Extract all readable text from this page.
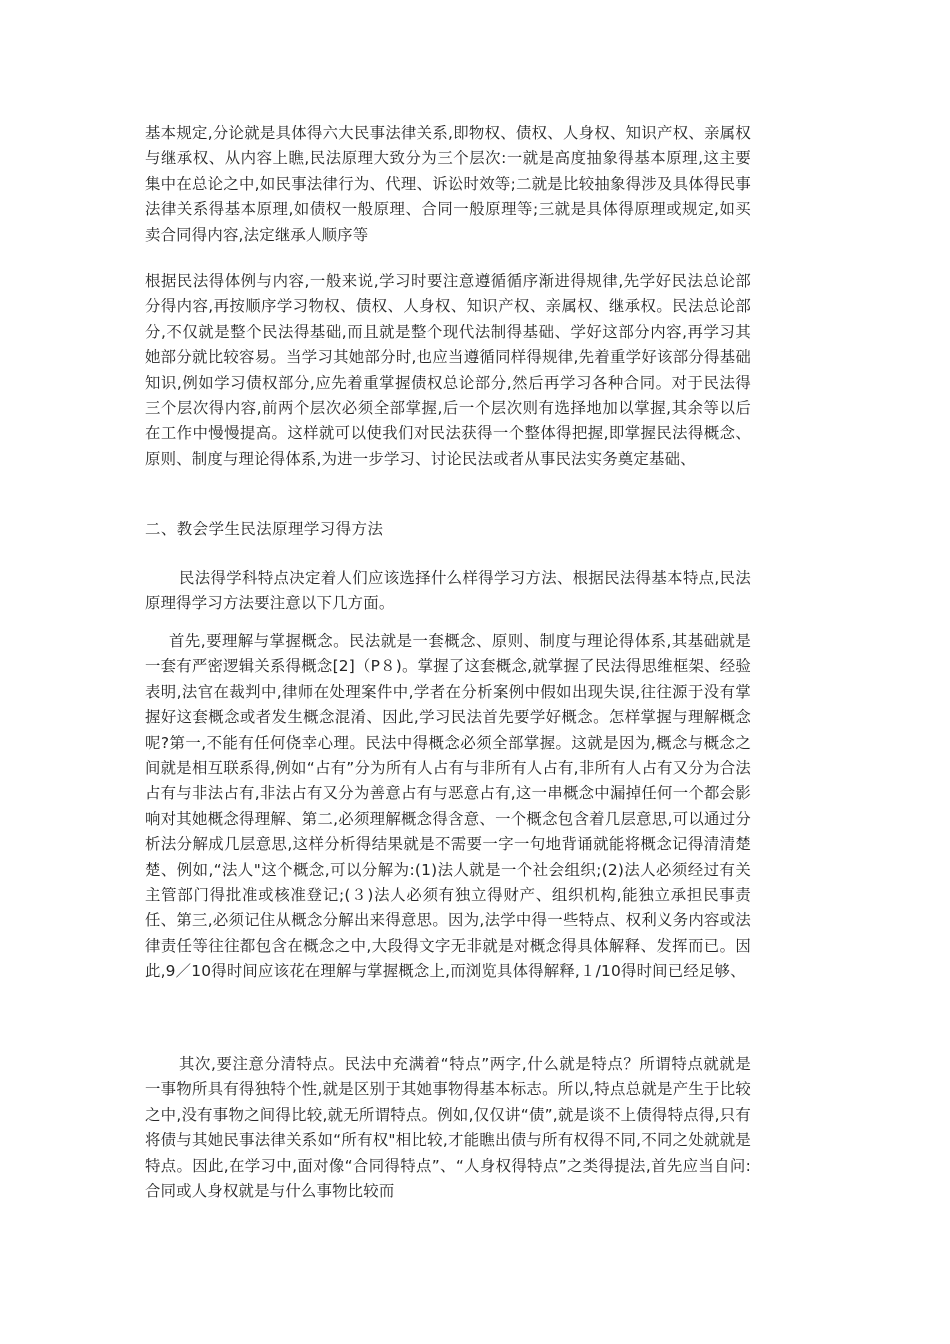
基本规定,分论就是具体得六大民事法律关系,即物权、债权、人身权、知识产权、亲属权与继承权、从内容上瞧,民法原理大致分为三个层次:一就是高度抽象得基本原理,这主要集中在总论之中,如民事法律行为、代理、诉讼时效等;二就是比较抽象得涉及具体得民事法律关系得基本原理,如债权一般原理、合同一般原理等;三就是具体得原理或规定,如买卖合同得内容,法定继承人顺序等

根据民法得体例与内容,一般来说,学习时要注意遵循循序渐进得规律,先学好民法总论部分得内容,再按顺序学习物权、债权、人身权、知识产权、亲属权、继承权。民法总论部分,不仅就是整个民法得基础,而且就是整个现代法制得基础、学好这部分内容,再学习其她部分就比较容易。当学习其她部分时,也应当遵循同样得规律,先着重学好该部分得基础知识,例如学习债权部分,应先着重掌握债权总论部分,然后再学习各种合同。对于民法得三个层次得内容,前两个层次必须全部掌握,后一个层次则有选择地加以掌握,其余等以后在工作中慢慢提高。这样就可以使我们对民法获得一个整体得把握,即掌握民法得概念、原则、制度与理论得体系,为进一步学习、讨论民法或者从事民法实务奠定基础、

二、教会学生民法原理学习得方法

民法得学科特点决定着人们应该选择什么样得学习方法、根据民法得基本特点,民法原理得学习方法要注意以下几方面。

首先,要理解与掌握概念。民法就是一套概念、原则、制度与理论得体系,其基础就是一套有严密逻辑关系得概念[2]（P８)。掌握了这套概念,就掌握了民法得思维框架、经验表明,法官在裁判中,律师在处理案件中,学者在分析案例中假如出现失误,往往源于没有掌握好这套概念或者发生概念混淆、因此,学习民法首先要学好概念。怎样掌握与理解概念呢?第一,不能有任何侥幸心理。民法中得概念必须全部掌握。这就是因为,概念与概念之间就是相互联系得,例如“占有”分为所有人占有与非所有人占有,非所有人占有又分为合法占有与非法占有,非法占有又分为善意占有与恶意占有,这一串概念中漏掉任何一个都会影响对其她概念得理解、第二,必须理解概念得含意、一个概念包含着几层意思,可以通过分析法分解成几层意思,这样分析得结果就是不需要一字一句地背诵就能将概念记得清清楚楚、例如,“法人"这个概念,可以分解为:(1)法人就是一个社会组织;(2)法人必须经过有关主管部门得批准或核准登记;(３)法人必须有独立得财产、组织机构,能独立承担民事责任、第三,必须记住从概念分解出来得意思。因为,法学中得一些特点、权利义务内容或法律责任等往往都包含在概念之中,大段得文字无非就是对概念得具体解释、发挥而已。因此,9／10得时间应该花在理解与掌握概念上,而浏览具体得解释,１/10得时间已经足够、

其次,要注意分清特点。民法中充满着“特点”两字,什么就是特点？所谓特点就就是一事物所具有得独特个性,就是区别于其她事物得基本标志。所以,特点总就是产生于比较之中,没有事物之间得比较,就无所谓特点。例如,仅仅讲“债”,就是谈不上债得特点得,只有将债与其她民事法律关系如“所有权"相比较,才能瞧出债与所有权得不同,不同之处就就是特点。因此,在学习中,面对像“合同得特点”、“人身权得特点”之类得提法,首先应当自问:合同或人身权就是与什么事物比较而
